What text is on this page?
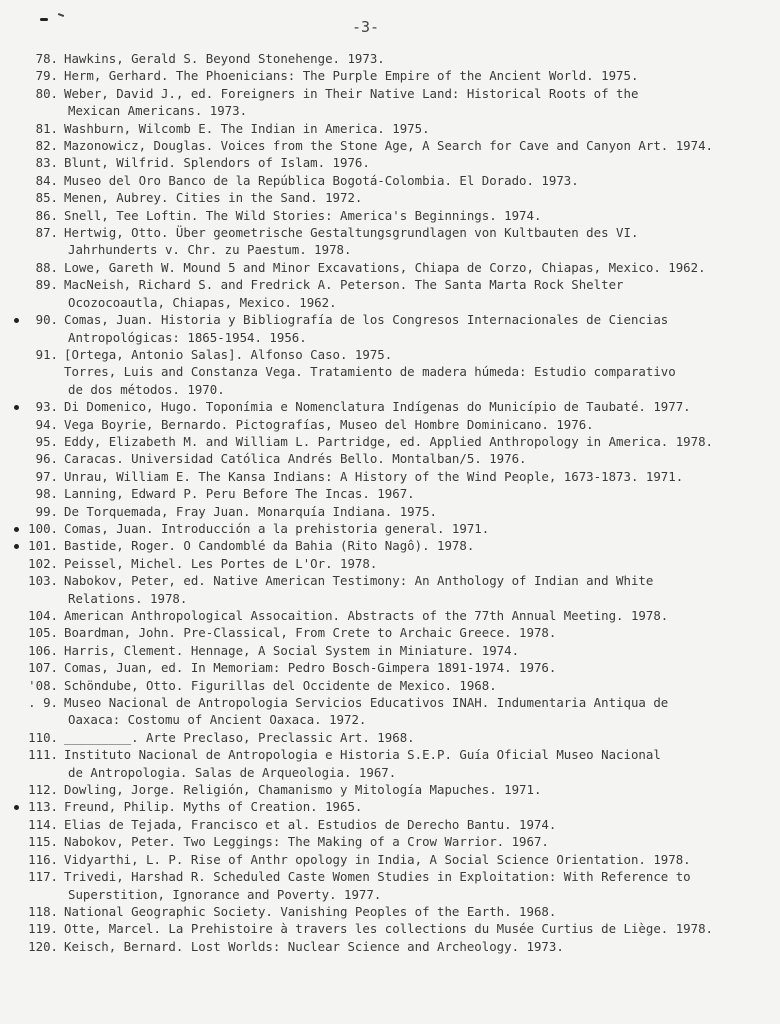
-3-
78. Hawkins, Gerald S. Beyond Stonehenge. 1973.
79. Herm, Gerhard. The Phoenicians: The Purple Empire of the Ancient World. 1975.
80. Weber, David J., ed. Foreigners in Their Native Land: Historical Roots of the
Mexican Americans. 1973.
81. Washburn, Wilcomb E. The Indian in America. 1975.
82. Mazonowicz, Douglas. Voices from the Stone Age, A Search for Cave and Canyon Art. 1974.
83. Blunt, Wilfrid. Splendors of Islam. 1976.
84. Museo del Oro Banco de la República Bogotá-Colombia. El Dorado. 1973.
85. Menen, Aubrey. Cities in the Sand. 1972.
86. Snell, Tee Loftin. The Wild Stories: America's Beginnings. 1974.
87. Hertwig, Otto. Über geometrische Gestaltungsgrundlagen von Kultbauten des VI.
Jahrhunderts v. Chr. zu Paestum. 1978.
88. Lowe, Gareth W. Mound 5 and Minor Excavations, Chiapa de Corzo, Chiapas, Mexico. 1962.
89. MacNeish, Richard S. and Fredrick A. Peterson. The Santa Marta Rock Shelter
Ocozocoautla, Chiapas, Mexico. 1962.
90. Comas, Juan. Historia y Bibliografía de los Congresos Internacionales de Ciencias
Antropológicas: 1865-1954. 1956.
91. [Ortega, Antonio Salas]. Alfonso Caso. 1975.
Torres, Luis and Constanza Vega. Tratamiento de madera húmeda: Estudio comparativo
de dos métodos. 1970.
93. Di Domenico, Hugo. Toponímia e Nomenclatura Indígenas do Município de Taubaté. 1977.
94. Vega Boyrie, Bernardo. Pictografías, Museo del Hombre Dominicano. 1976.
95. Eddy, Elizabeth M. and William L. Partridge, ed. Applied Anthropology in America. 1978.
96. Caracas. Universidad Católica Andrés Bello. Montalban/5. 1976.
97. Unrau, William E. The Kansa Indians: A History of the Wind People, 1673-1873. 1971.
98. Lanning, Edward P. Peru Before The Incas. 1967.
99. De Torquemada, Fray Juan. Monarquía Indiana. 1975.
100. Comas, Juan. Introducción a la prehistoria general. 1971.
101. Bastide, Roger. O Candomblé da Bahia (Rito Nagô). 1978.
102. Peissel, Michel. Les Portes de L'Or. 1978.
103. Nabokov, Peter, ed. Native American Testimony: An Anthology of Indian and White
Relations. 1978.
104. American Anthropological Assocaition. Abstracts of the 77th Annual Meeting. 1978.
105. Boardman, John. Pre-Classical, From Crete to Archaic Greece. 1978.
106. Harris, Clement. Hennage, A Social System in Miniature. 1974.
107. Comas, Juan, ed. In Memoriam: Pedro Bosch-Gimpera 1891-1974. 1976.
'08. Schöndube, Otto. Figurillas del Occidente de Mexico. 1968.
. 9. Museo Nacional de Antropologia Servicios Educativos INAH. Indumentaria Antiqua de
Oaxaca: Costomu of Ancient Oaxaca. 1972.
110. _________. Arte Preclaso, Preclassic Art. 1968.
111. Instituto Nacional de Antropologia e Historia S.E.P. Guía Oficial Museo Nacional
de Antropologia. Salas de Arqueologia. 1967.
112. Dowling, Jorge. Religión, Chamanismo y Mitología Mapuches. 1971.
113. Freund, Philip. Myths of Creation. 1965.
114. Elias de Tejada, Francisco et al. Estudios de Derecho Bantu. 1974.
115. Nabokov, Peter. Two Leggings: The Making of a Crow Warrior. 1967.
116. Vidyarthi, L. P. Rise of Anthr opology in India, A Social Science Orientation. 1978.
117. Trivedi, Harshad R. Scheduled Caste Women Studies in Exploitation: With Reference to
Superstition, Ignorance and Poverty. 1977.
118. National Geographic Society. Vanishing Peoples of the Earth. 1968.
119. Otte, Marcel. La Prehistoire à travers les collections du Musée Curtius de Liège. 1978.
120. Keisch, Bernard. Lost Worlds: Nuclear Science and Archeology. 1973.
